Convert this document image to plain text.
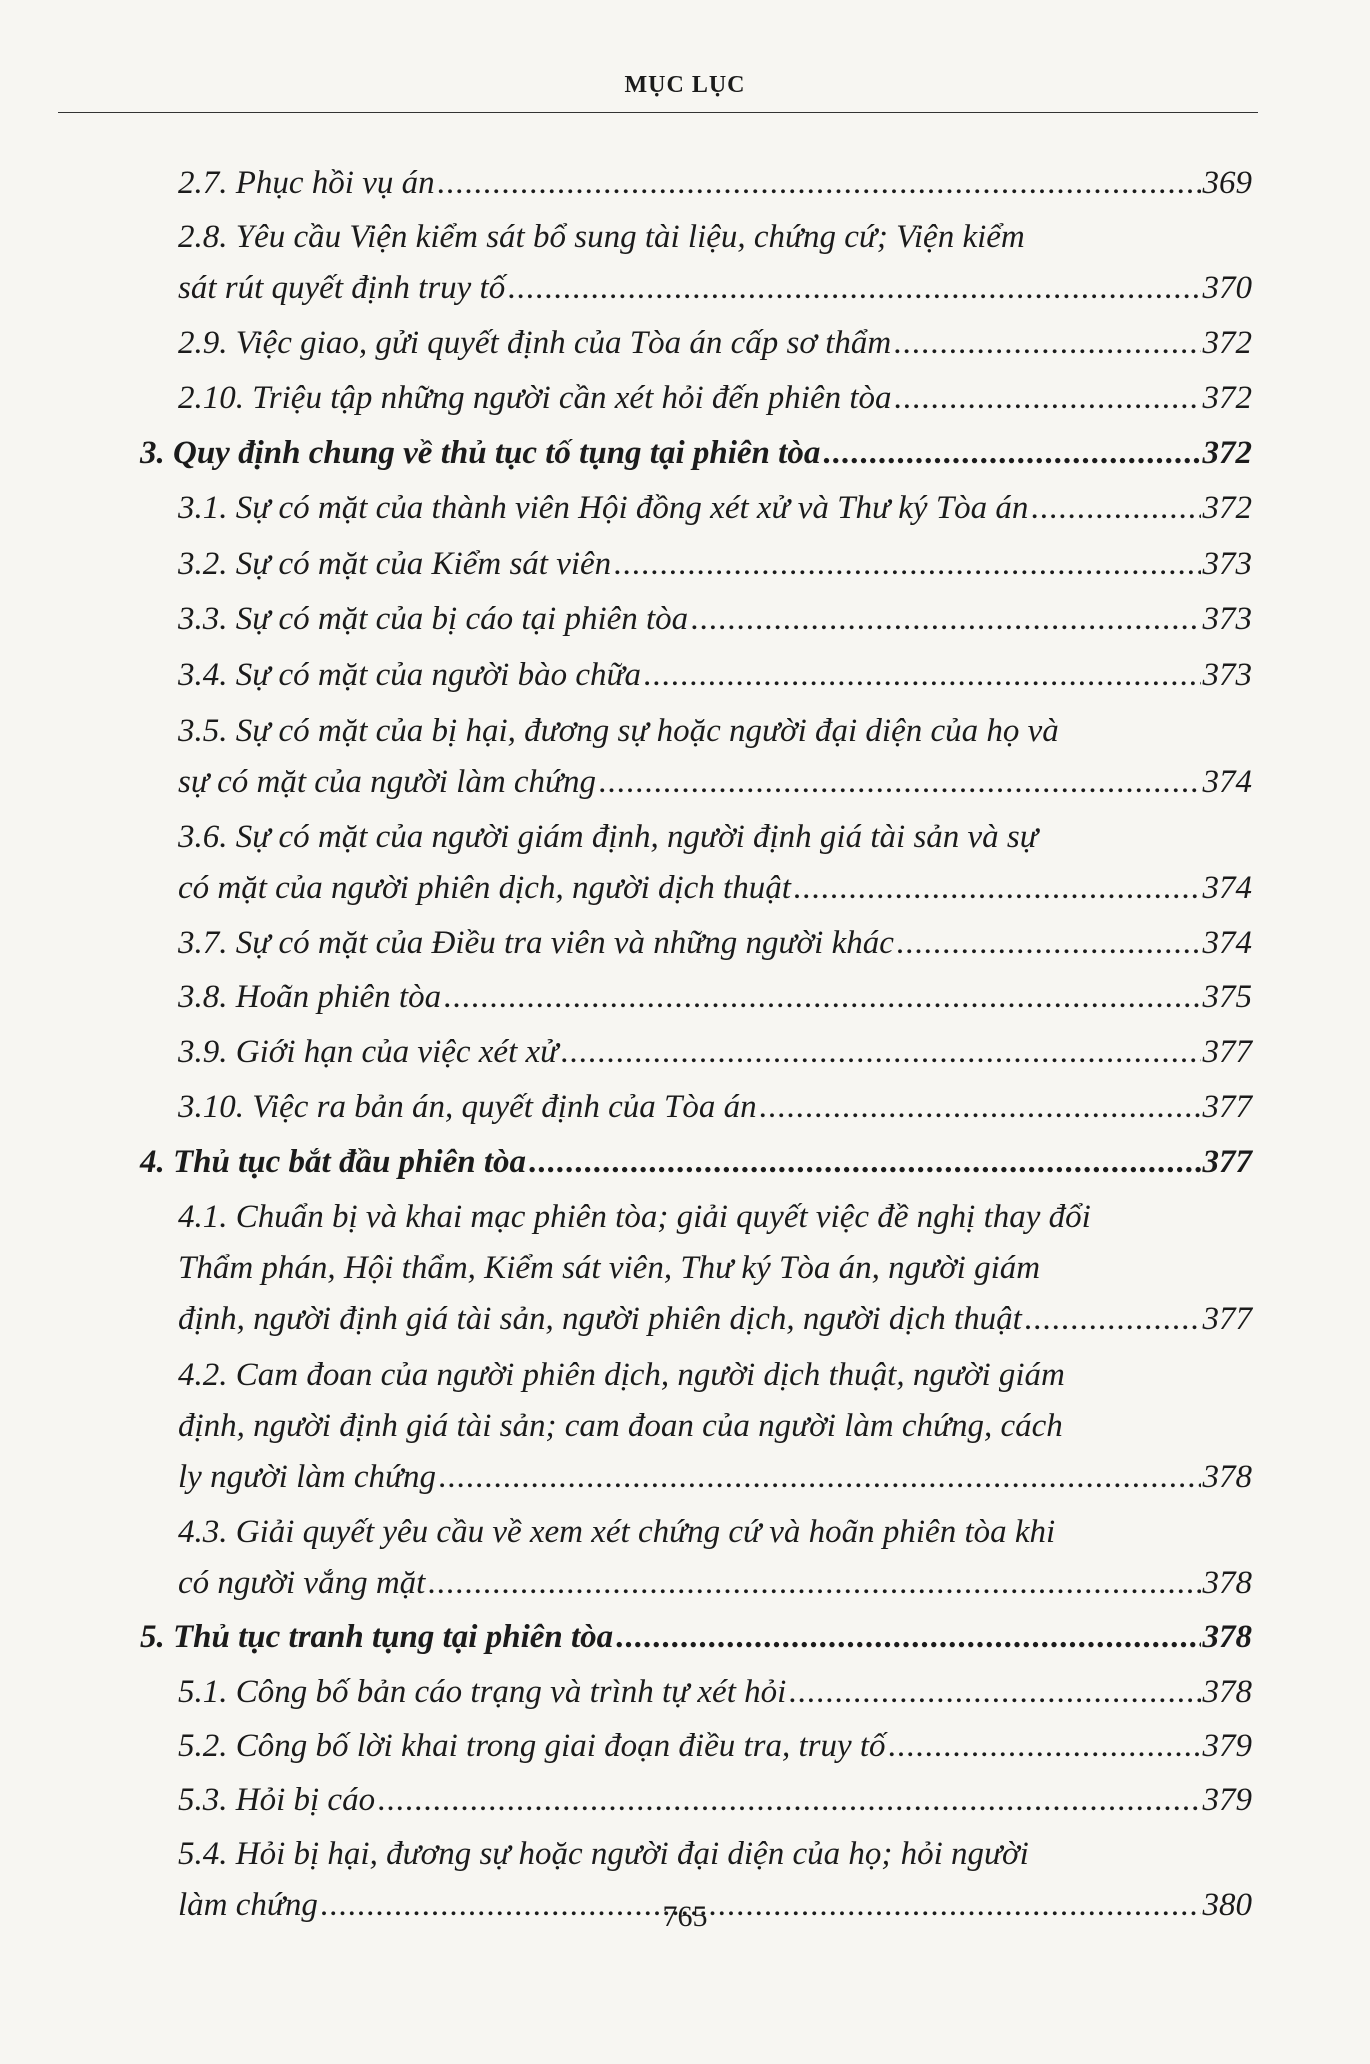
MỤC LỤC
2.7. Phục hồi vụ án .....	369
2.8. Yêu cầu Viện kiểm sát bổ sung tài liệu, chứng cứ; Viện kiểm
sát rút quyết định truy tố .....	370
2.9. Việc giao, gửi quyết định của Tòa án cấp sơ thẩm .....	372
2.10. Triệu tập những người cần xét hỏi đến phiên tòa .....	372
3. Quy định chung về thủ tục tố tụng tại phiên tòa .....	372
3.1. Sự có mặt của thành viên Hội đồng xét xử và Thư ký Tòa án .....	372
3.2. Sự có mặt của Kiểm sát viên .....	373
3.3. Sự có mặt của bị cáo tại phiên tòa .....	373
3.4. Sự có mặt của người bào chữa .....	373
3.5. Sự có mặt của bị hại, đương sự hoặc người đại diện của họ và
sự có mặt của người làm chứng .....	374
3.6. Sự có mặt của người giám định, người định giá tài sản và sự
có mặt của người phiên dịch, người dịch thuật .....	374
3.7. Sự có mặt của Điều tra viên và những người khác .....	374
3.8. Hoãn phiên tòa .....	375
3.9. Giới hạn của việc xét xử .....	377
3.10. Việc ra bản án, quyết định của Tòa án .....	377
4. Thủ tục bắt đầu phiên tòa .....	377
4.1. Chuẩn bị và khai mạc phiên tòa; giải quyết việc đề nghị thay đổi
Thẩm phán, Hội thẩm, Kiểm sát viên, Thư ký Tòa án, người giám
định, người định giá tài sản, người phiên dịch, người dịch thuật .....	377
4.2. Cam đoan của người phiên dịch, người dịch thuật, người giám
định, người định giá tài sản; cam đoan của người làm chứng, cách
ly người làm chứng .....	378
4.3. Giải quyết yêu cầu về xem xét chứng cứ và hoãn phiên tòa khi
có người vắng mặt .....	378
5. Thủ tục tranh tụng tại phiên tòa .....	378
5.1. Công bố bản cáo trạng và trình tự xét hỏi .....	378
5.2. Công bố lời khai trong giai đoạn điều tra, truy tố .....	379
5.3. Hỏi bị cáo .....	379
5.4. Hỏi bị hại, đương sự hoặc người đại diện của họ; hỏi người
làm chứng .....	380
765
